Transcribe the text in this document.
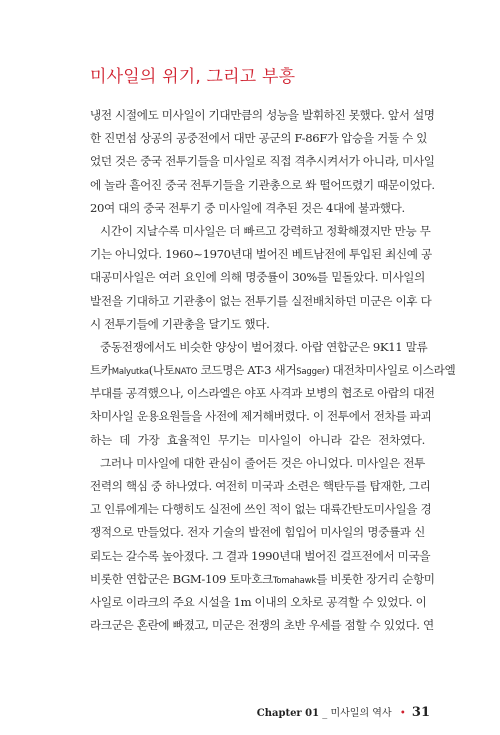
미사일의 위기, 그리고 부흥
냉전 시절에도 미사일이 기대만큼의 성능을 발휘하진 못했다. 앞서 설명
한 진먼섬 상공의 공중전에서 대만 공군의 F-86F가 압승을 거둘 수 있
었던 것은 중국 전투기들을 미사일로 직접 격추시켜서가 아니라, 미사일
에 놀라 흩어진 중국 전투기들을 기관총으로 쏴 떨어뜨렸기 때문이었다.
20여 대의 중국 전투기 중 미사일에 격추된 것은 4대에 불과했다.
시간이 지날수록 미사일은 더 빠르고 강력하고 정확해졌지만 만능 무
기는 아니었다. 1960~1970년대 벌어진 베트남전에 투입된 최신예 공
대공미사일은 여러 요인에 의해 명중률이 30%를 밑돌았다. 미사일의
발전을 기대하고 기관총이 없는 전투기를 실전배치하던 미군은 이후 다
시 전투기들에 기관총을 달기도 했다.
중동전쟁에서도 비슷한 양상이 벌어졌다. 아랍 연합군은 9K11 말류
트카Malyutka(나토NATO 코드명은 AT-3 새거Sagger) 대전차미사일로 이스라엘
부대를 공격했으나, 이스라엘은 야포 사격과 보병의 협조로 아랍의 대전
차미사일 운용요원들을 사전에 제거해버렸다. 이 전투에서 전차를 파괴
하는 데 가장 효율적인 무기는 미사일이 아니라 같은 전차였다.
그러나 미사일에 대한 관심이 줄어든 것은 아니었다. 미사일은 전투
전력의 핵심 중 하나였다. 여전히 미국과 소련은 핵탄두를 탑재한, 그리
고 인류에게는 다행히도 실전에 쓰인 적이 없는 대륙간탄도미사일을 경
쟁적으로 만들었다. 전자 기술의 발전에 힘입어 미사일의 명중률과 신
뢰도는 갈수록 높아졌다. 그 결과 1990년대 벌어진 걸프전에서 미국을
비롯한 연합군은 BGM-109 토마호크Tomahawk를 비롯한 장거리 순항미
사일로 이라크의 주요 시설을 1m 이내의 오차로 공격할 수 있었다. 이
라크군은 혼란에 빠졌고, 미군은 전쟁의 초반 우세를 점할 수 있었다. 연
Chapter 01 _ 미사일의 역사 • 31
